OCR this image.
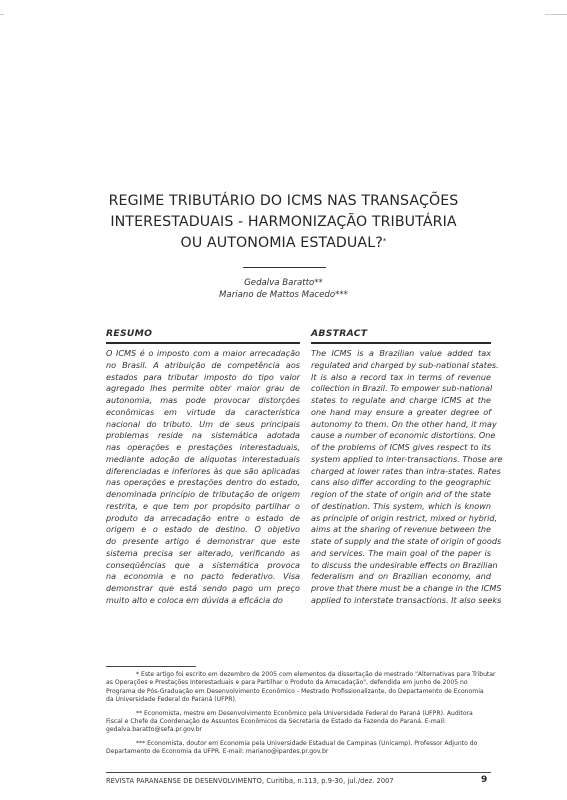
REGIME TRIBUTÁRIO DO ICMS NAS TRANSAÇÕES
INTERESTADUAIS - HARMONIZAÇÃO TRIBUTÁRIA
OU AUTONOMIA ESTADUAL?*
Gedalva Baratto**
Mariano de Mattos Macedo***
RESUMO
O ICMS é o imposto com a maior arrecadação
no Brasil. A atribuição de competência aos
estados para tributar imposto do tipo valor
agregado lhes permite obter maior grau de
autonomia, mas pode provocar distorções
econômicas em virtude da característica
nacional do tributo. Um de seus principais
problemas reside na sistemática adotada
nas operações e prestações interestaduais,
mediante adoção de alíquotas interestaduais
diferenciadas e inferiores às que são aplicadas
nas operações e prestações dentro do estado,
denominada princípio de tributação de origem
restrita, e que tem por propósito partilhar o
produto da arrecadação entre o estado de
origem e o estado de destino. O objetivo
do presente artigo é demonstrar que este
sistema precisa ser alterado, verificando as
conseqüências que a sistemática provoca
na economia e no pacto federativo. Visa
demonstrar que está sendo pago um preço
muito alto e coloca em dúvida a eficácia do
ABSTRACT
The ICMS is a Brazilian value added tax
regulated and charged by sub-national states.
It is also a record tax in terms of revenue
collection in Brazil. To empower sub-national
states to regulate and charge ICMS at the
one hand may ensure a greater degree of
autonomy to them. On the other hand, it may
cause a number of economic distortions. One
of the problems of ICMS gives respect to its
system applied to inter-transactions. Those are
charged at lower rates than intra-states. Rates
cans also differ according to the geographic
region of the state of origin and of the state
of destination. This system, which is known
as principle of origin restrict, mixed or hybrid,
aims at the sharing of revenue between the
state of supply and the state of origin of goods
and services. The main goal of the paper is
to discuss the undesirable effects on Brazilian
federalism and on Brazilian economy, and
prove that there must be a change in the ICMS
applied to interstate transactions. It also seeks
* Este artigo foi escrito em dezembro de 2005 com elementos da dissertação de mestrado "Alternativas para Tributar
as Operações e Prestações Interestaduais e para Partilhar o Produto da Arrecadação", defendida em junho de 2005 no
Programa de Pós-Graduação em Desenvolvimento Econômico - Mestrado Profissionalizante, do Departamento de Economia
da Universidade Federal do Paraná (UFPR).
** Economista, mestre em Desenvolvimento Econômico pela Universidade Federal do Paraná (UFPR). Auditora
Fiscal e Chefe da Coordenação de Assuntos Econômicos da Secretaria de Estado da Fazenda do Paraná. E-mail:
gedalva.baratto@sefa.pr.gov.br
*** Economista, doutor em Economia pela Universidade Estadual de Campinas (Unicamp). Professor Adjunto do
Departamento de Economia da UFPR. E-mail: mariano@ipardes.pr.gov.br
REVISTA PARANAENSE DE DESENVOLVIMENTO, Curitiba, n.113, p.9-30, jul./dez. 2007	9
